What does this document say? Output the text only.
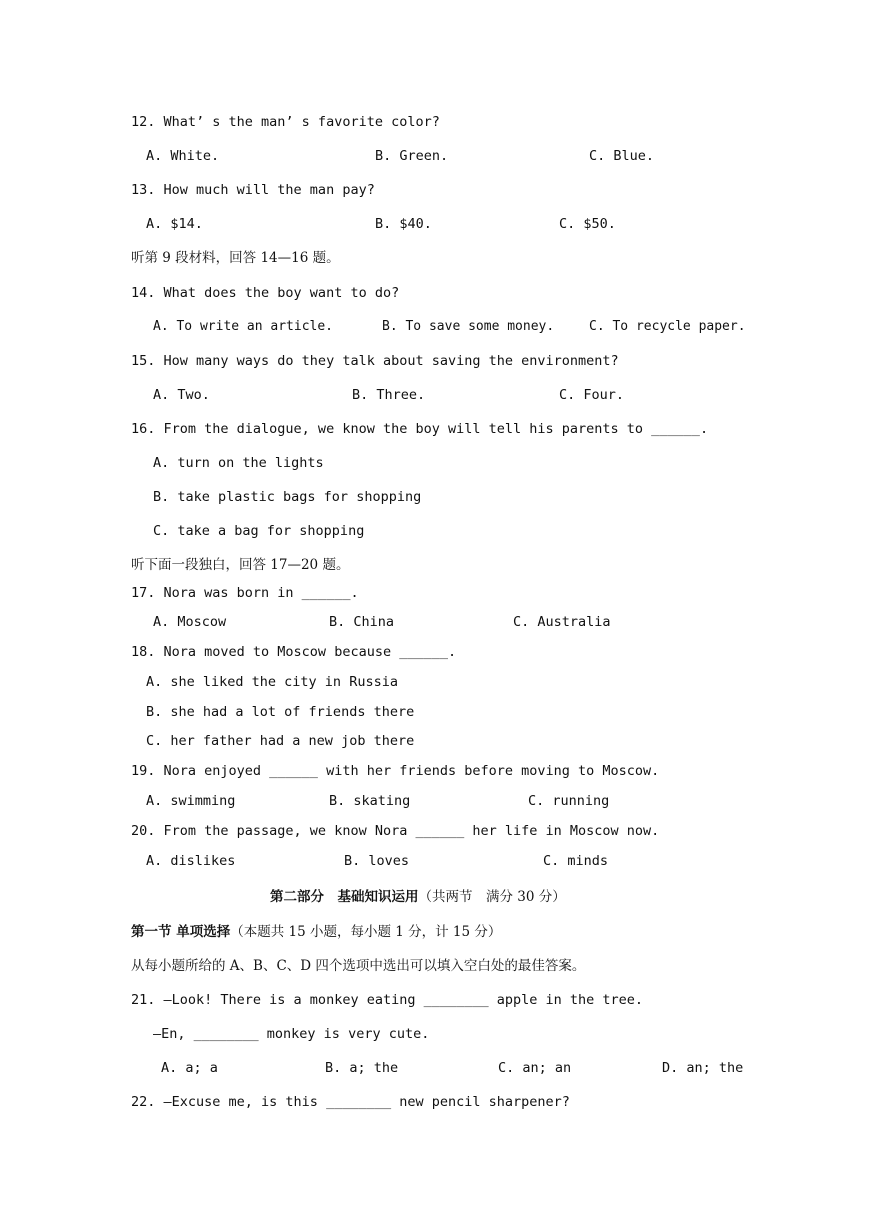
12. What’ s the man’ s favorite color?
A. White.	B. Green.	C. Blue.
13. How much will the man pay?
A. $14.	B. $40.	C. $50.
听第 9 段材料，回答 14—16 题。
14. What does the boy want to do?
A. To write an article.	B. To save some money.	C. To recycle paper.
15. How many ways do they talk about saving the environment?
A. Two.	B. Three.	C. Four.
16. From the dialogue, we know the boy will tell his parents to ______.
A. turn on the lights
B. take plastic bags for shopping
C. take a bag for shopping
听下面一段独白，回答 17—20 题。
17. Nora was born in ______.
A. Moscow	B. China	C. Australia
18. Nora moved to Moscow because ______.
A. she liked the city in Russia
B. she had a lot of friends there
C. her father had a new job there
19. Nora enjoyed ______ with her friends before moving to Moscow.
A. swimming	B. skating	C. running
20. From the passage, we know Nora ______ her life in Moscow now.
A. dislikes	B. loves	C. minds
第二部分　基础知识运用（共两节　满分 30 分）
第一节 单项选择（本题共 15 小题，每小题 1 分，计 15 分）
从每小题所给的 A、B、C、D 四个选项中选出可以填入空白处的最佳答案。
21. —Look! There is a monkey eating ________ apple in the tree.
—En, ________ monkey is very cute.
A. a; a	B. a; the	C. an; an	D. an; the
22. —Excuse me, is this ________ new pencil sharpener?
